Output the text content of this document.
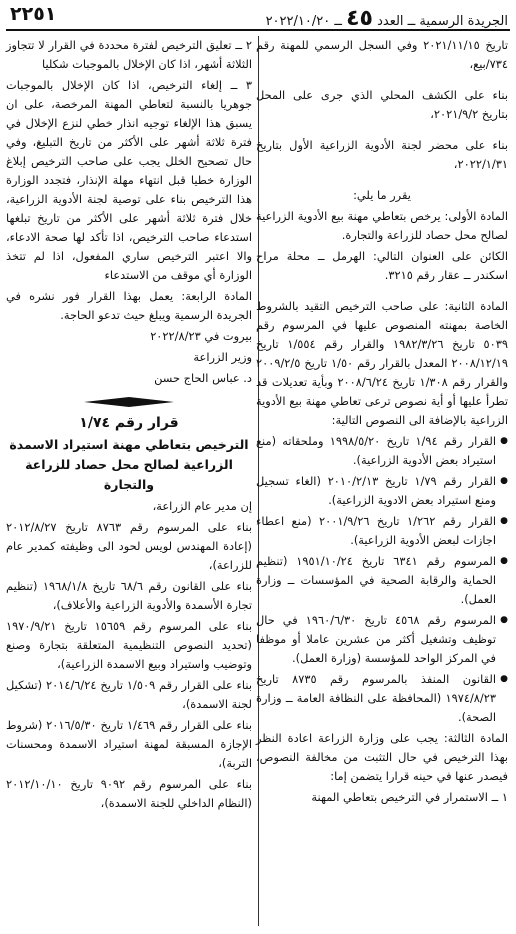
٢٢٥١	الجريدة الرسمية ــ العدد ٤٥ ــ ٢٠٢٢/١٠/٢٠

تاريخ ٢٠٢١/١١/١٥ وفي السجل الرسمي للمهنة رقم ٧٣٤/بيع،

بناء على الكشف المحلي الذي جرى على المحل بتاريخ ٢٠٢١/٩/٢،

بناء على محضر لجنة الأدوية الزراعية الأول بتاريخ ٢٠٢٢/١/٣١،

يقرر ما يلي:

المادة الأولى: يرخص بتعاطي مهنة بيع الأدوية الزراعية لصالح محل حصاد للزراعة والتجارة.

الكائن على العنوان التالي: الهرمل ــ محلة مراح اسكندر ــ عقار رقم ٣٢١٥.

المادة الثانية: على صاحب الترخيص التقيد بالشروط الخاصة بمهنته المنصوص عليها في المرسوم رقم ٥٠٣٩ تاريخ ١٩٨٢/٣/٢٦ والقرار رقم ١/٥٥٤ تاريخ ٢٠٠٨/١٢/١٩ المعدل بالقرار رقم ١/٥٠ تاريخ ٢٠٠٩/٢/٥ والقرار رقم ١/٣٠٨ تاريخ ٢٠٠٨/٦/٢٤ وبأية تعديلات قد تطرأ عليها أو أية نصوص ترعى تعاطي مهنة بيع الأدوية الزراعية بالإضافة الى النصوص التالية:

● القرار رقم ١/٩٤ تاريخ ١٩٩٨/٥/٢٠ وملحقاته (منع استيراد بعض الأدوية الزراعية).

● القرار رقم ١/٧٩ تاريخ ٢٠١٠/٢/١٣ (الغاء تسجيل ومنع استيراد بعض الادوية الزراعية).

● القرار رقم ١/٢٦٢ تاريخ ٢٠٠١/٩/٢٦ (منع اعطاء اجازات لبعض الأدوية الزراعية).

● المرسوم رقم ٦٣٤١ تاريخ ١٩٥١/١٠/٢٤ (تنظيم الحماية والرقابة الصحية في المؤسسات ــ وزارة العمل).

● المرسوم رقم ٤٥٦٨ تاريخ ١٩٦٠/٦/٣٠ في حال توظيف وتشغيل أكثر من عشرين عاملا أو موظفا في المركز الواحد للمؤسسة (وزارة العمل).

● القانون المنفذ بالمرسوم رقم ٨٧٣٥ تاريخ ١٩٧٤/٨/٢٣ (المحافظة على النظافة العامة ــ وزارة الصحة).

المادة الثالثة: يجب على وزارة الزراعة اعادة النظر بهذا الترخيص في حال التثبت من مخالفة النصوص، فيصدر عنها في حينه قرارا يتضمن إما:

١ ــ الاستمرار في الترخيص بتعاطي المهنة

٢ ــ تعليق الترخيص لفترة محددة في القرار لا تتجاوز الثلاثة أشهر، اذا كان الإخلال بالموجبات شكليا

٣ ــ إلغاء الترخيص، اذا كان الإخلال بالموجبات جوهريا بالنسبة لتعاطي المهنة المرخصة، على ان يسبق هذا الإلغاء توجيه انذار خطي لنزع الإخلال في فترة ثلاثة أشهر على الأكثر من تاريخ التبليغ، وفي حال تصحيح الخلل يجب على صاحب الترخيص إبلاغ الوزارة خطيا قبل انتهاء مهلة الإنذار، فتجدد الوزارة هذا الترخيص بناء على توصية لجنة الأدوية الزراعية، خلال فترة ثلاثة أشهر على الأكثر من تاريخ تبلغها استدعاء صاحب الترخيص، اذا تأكد لها صحة الادعاء، والا اعتبر الترخيص ساري المفعول، اذا لم تتخذ الوزارة أي موقف من الاستدعاء

المادة الرابعة: يعمل بهذا القرار فور نشره في الجريدة الرسمية ويبلغ حيث تدعو الحاجة.

بيروت في ٢٠٢٢/٨/٢٣

وزير الزراعة

د. عباس الحاج حسن

قرار رقم ١/٧٤

الترخيص بتعاطي مهنة استيراد الاسمدة الزراعية لصالح محل حصاد للزراعة والتجارة

إن مدير عام الزراعة،

بناء على المرسوم رقم ٨٧٦٣ تاريخ ٢٠١٢/٨/٢٧ (إعادة المهندس لويس لحود الى وظيفته كمدير عام للزراعة)،

بناء على القانون رقم ٦٨/٦ تاريخ ١٩٦٨/١/٨ (تنظيم تجارة الأسمدة والأدوية الزراعية والأعلاف)،

بناء على المرسوم رقم ١٥٦٥٩ تاريخ ١٩٧٠/٩/٢١ (تحديد النصوص التنظيمية المتعلقة بتجارة وصنع وتوضيب واستيراد وبيع الاسمدة الزراعية)،

بناء على القرار رقم ١/٥٠٩ تاريخ ٢٠١٤/٦/٢٤ (تشكيل لجنة الاسمدة)،

بناء على القرار رقم ١/٤٦٩ تاريخ ٢٠١٦/٥/٣٠ (شروط الإجازة المسبقة لمهنة استيراد الاسمدة ومحسنات التربة)،

بناء على المرسوم رقم ٩٠٩٢ تاريخ ٢٠١٢/١٠/١٠ (النظام الداخلي للجنة الاسمدة)،
